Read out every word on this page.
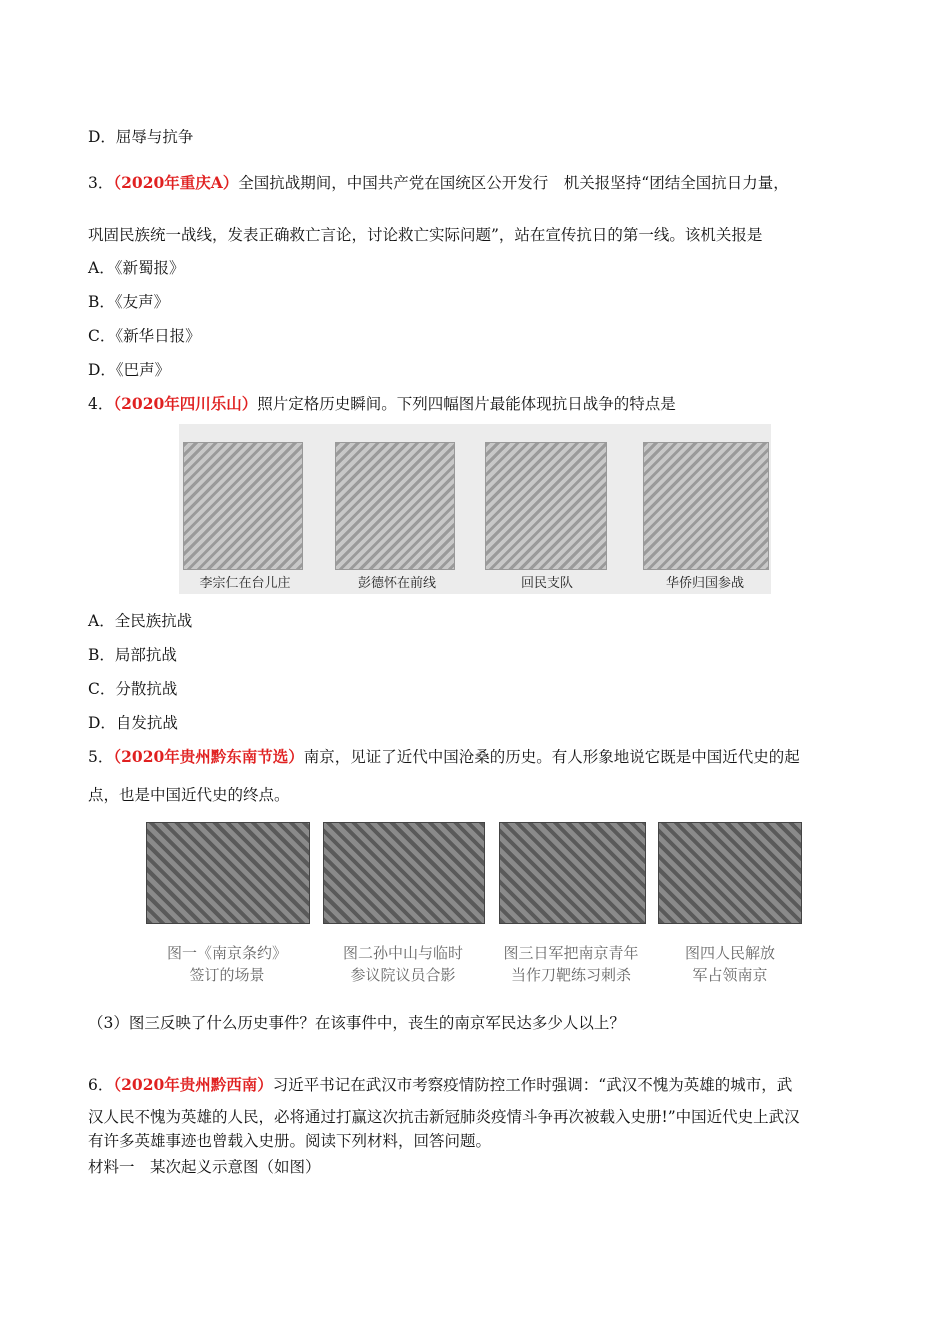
D．屈辱与抗争
3．（2020年重庆A）全国抗战期间，中国共产党在国统区公开发行　机关报坚持“团结全国抗日力量，
巩固民族统一战线，发表正确救亡言论，讨论救亡实际问题”，站在宣传抗日的第一线。该机关报是
A．《新蜀报》
B．《友声》
C．《新华日报》
D．《巴声》
4．（2020年四川乐山）照片定格历史瞬间。下列四幅图片最能体现抗日战争的特点是
李宗仁在台儿庄	彭德怀在前线	回民支队	华侨归国参战
A．全民族抗战
B．局部抗战
C．分散抗战
D．自发抗战
5．（2020年贵州黔东南节选）南京，见证了近代中国沧桑的历史。有人形象地说它既是中国近代史的起
点，也是中国近代史的终点。
图一《南京条约》
签订的场景
图二孙中山与临时
参议院议员合影
图三日军把南京青年
当作刀靶练习刺杀
图四人民解放
军占领南京
（3）图三反映了什么历史事件？在该事件中，丧生的南京军民达多少人以上？
6．（2020年贵州黔西南）习近平书记在武汉市考察疫情防控工作时强调：“武汉不愧为英雄的城市，武
汉人民不愧为英雄的人民，必将通过打赢这次抗击新冠肺炎疫情斗争再次被载入史册!”中国近代史上武汉
有许多英雄事迹也曾载入史册。阅读下列材料，回答问题。
材料一　某次起义示意图（如图）
